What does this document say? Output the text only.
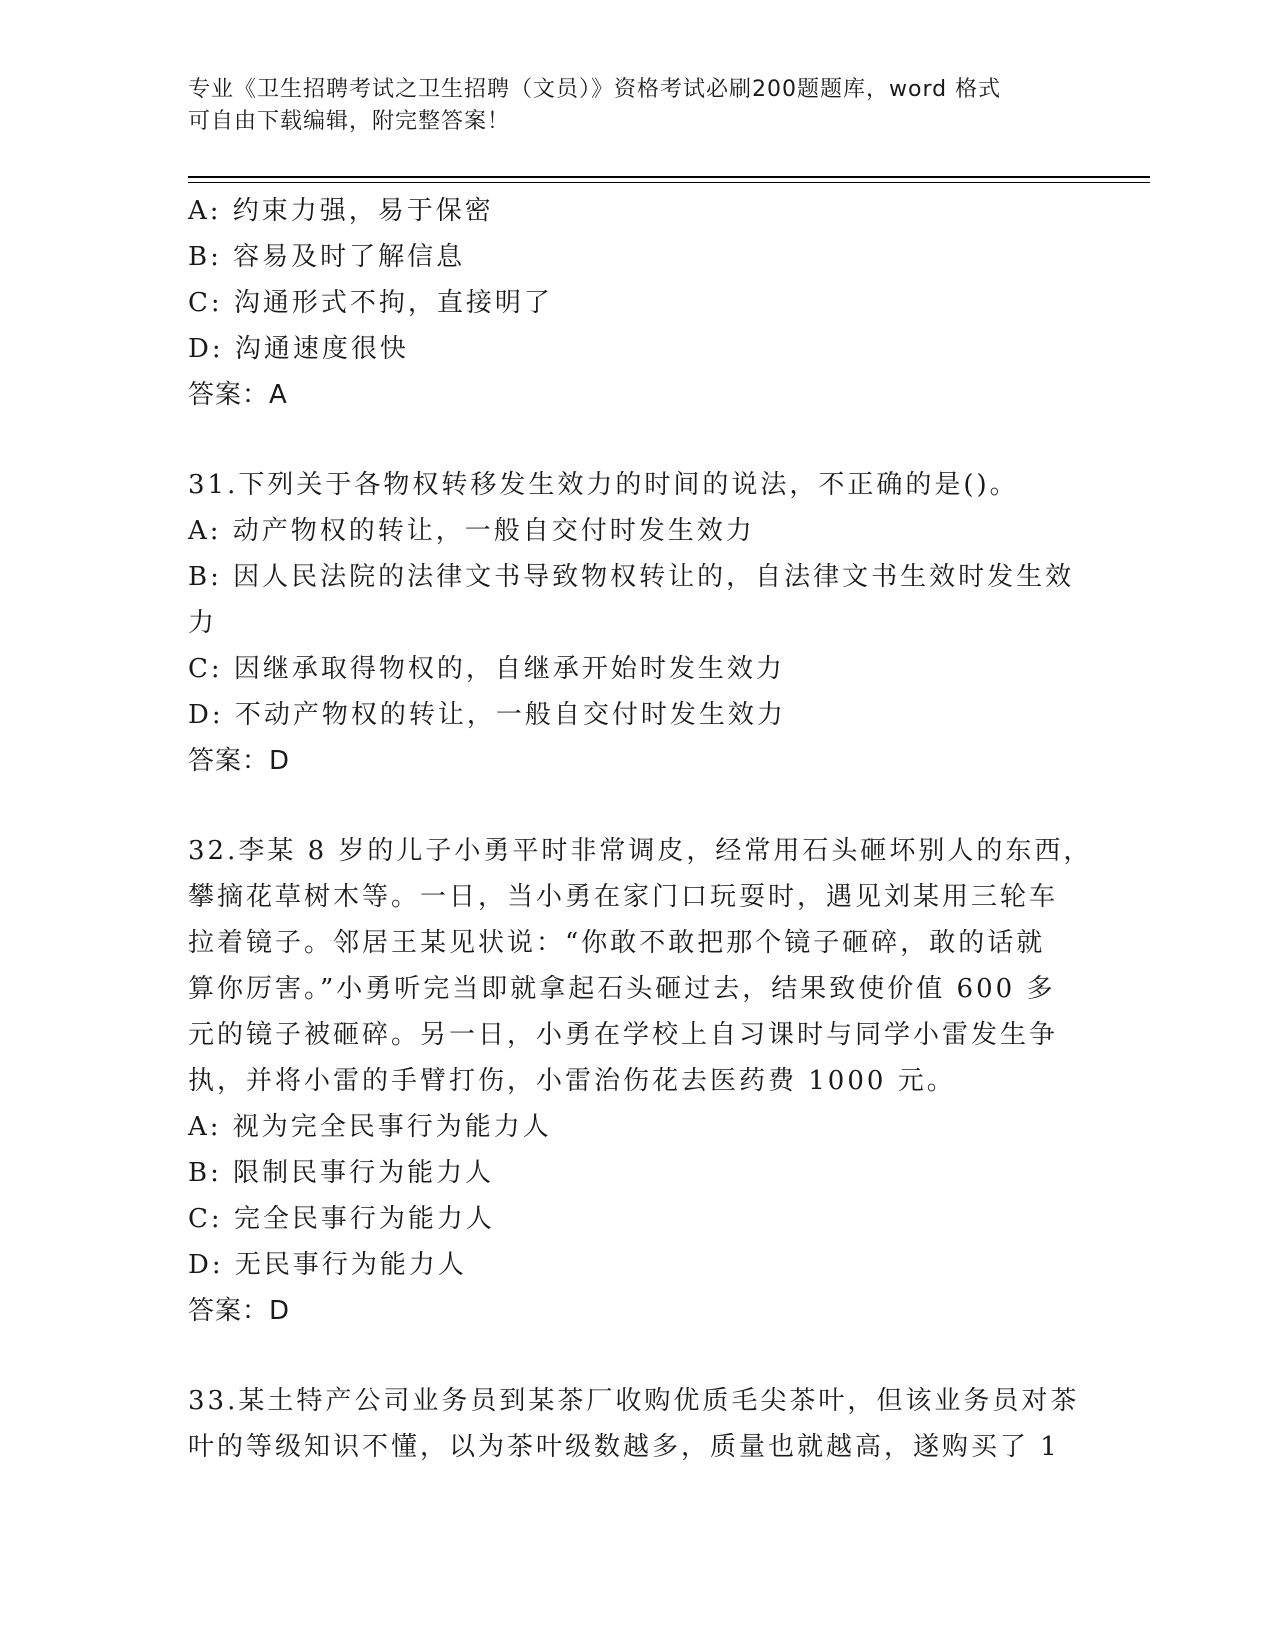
专业《卫生招聘考试之卫生招聘（文员）》资格考试必刷200题题库，word 格式
可自由下载编辑，附完整答案！
A: 约束力强，易于保密
B: 容易及时了解信息
C: 沟通形式不拘，直接明了
D: 沟通速度很快
答案：A
31.下列关于各物权转移发生效力的时间的说法，不正确的是()。
A: 动产物权的转让，一般自交付时发生效力
B: 因人民法院的法律文书导致物权转让的，自法律文书生效时发生效
力
C: 因继承取得物权的，自继承开始时发生效力
D: 不动产物权的转让，一般自交付时发生效力
答案：D
32.李某 8 岁的儿子小勇平时非常调皮，经常用石头砸坏别人的东西，
攀摘花草树木等。一日，当小勇在家门口玩耍时，遇见刘某用三轮车
拉着镜子。邻居王某见状说：“你敢不敢把那个镜子砸碎，敢的话就
算你厉害。”小勇听完当即就拿起石头砸过去，结果致使价值 600 多
元的镜子被砸碎。另一日，小勇在学校上自习课时与同学小雷发生争
执，并将小雷的手臂打伤，小雷治伤花去医药费 1000 元。
A: 视为完全民事行为能力人
B: 限制民事行为能力人
C: 完全民事行为能力人
D: 无民事行为能力人
答案：D
33.某土特产公司业务员到某茶厂收购优质毛尖茶叶，但该业务员对茶
叶的等级知识不懂，以为茶叶级数越多，质量也就越高，遂购买了 1
